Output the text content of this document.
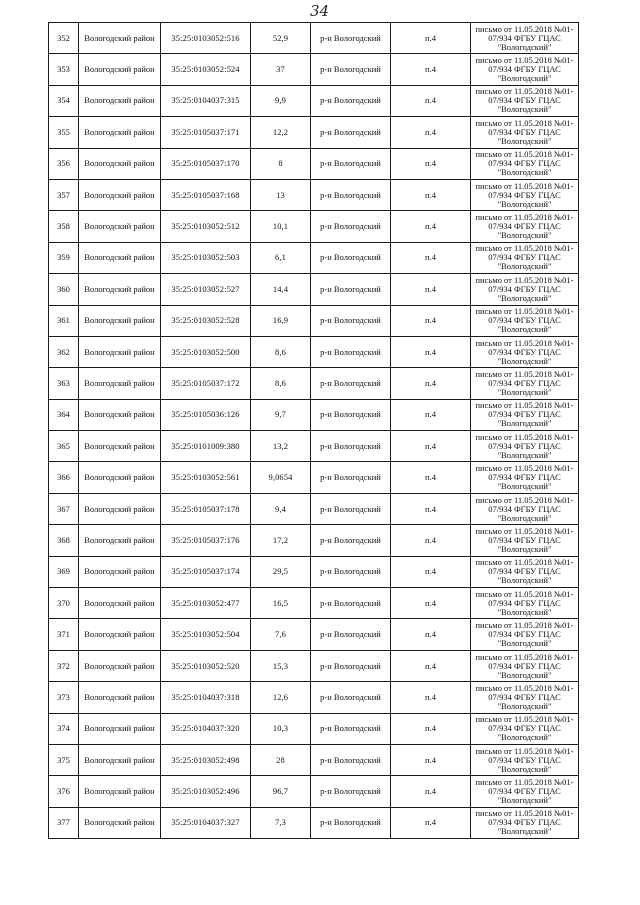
34
352	Вологодский район	35:25:0103052:516	52,9	р-н Вологодский	п.4	письмо от 11.05.2018 №01-
07/934 ФГБУ ГЦАС
"Вологодский"

353	Вологодский район	35:25:0103052:524	37	р-н Вологодский	п.4	письмо от 11.05.2018 №01-
07/934 ФГБУ ГЦАС
"Вологодский"

354	Вологодский район	35:25:0104037:315	9,9	р-н Вологодский	п.4	письмо от 11.05.2018 №01-
07/934 ФГБУ ГЦАС
"Вологодский"

355	Вологодский район	35:25:0105037:171	12,2	р-н Вологодский	п.4	письмо от 11.05.2018 №01-
07/934 ФГБУ ГЦАС
"Вологодский"

356	Вологодский район	35:25:0105037:170	8	р-н Вологодский	п.4	письмо от 11.05.2018 №01-
07/934 ФГБУ ГЦАС
"Вологодский"

357	Вологодский район	35:25:0105037:168	13	р-н Вологодский	п.4	письмо от 11.05.2018 №01-
07/934 ФГБУ ГЦАС
"Вологодский"

358	Вологодский район	35:25:0103052:512	10,1	р-н Вологодский	п.4	письмо от 11.05.2018 №01-
07/934 ФГБУ ГЦАС
"Вологодский"

359	Вологодский район	35:25:0103052:503	6,1	р-н Вологодский	п.4	письмо от 11.05.2018 №01-
07/934 ФГБУ ГЦАС
"Вологодский"

360	Вологодский район	35:25:0103052:527	14,4	р-н Вологодский	п.4	письмо от 11.05.2018 №01-
07/934 ФГБУ ГЦАС
"Вологодский"

361	Вологодский район	35:25:0103052:528	16,9	р-н Вологодский	п.4	письмо от 11.05.2018 №01-
07/934 ФГБУ ГЦАС
"Вологодский"

362	Вологодский район	35:25:0103052:500	8,6	р-н Вологодский	п.4	письмо от 11.05.2018 №01-
07/934 ФГБУ ГЦАС
"Вологодский"

363	Вологодский район	35:25:0105037:172	8,6	р-н Вологодский	п.4	письмо от 11.05.2018 №01-
07/934 ФГБУ ГЦАС
"Вологодский"

364	Вологодский район	35:25:0105036:126	9,7	р-н Вологодский	п.4	письмо от 11.05.2018 №01-
07/934 ФГБУ ГЦАС
"Вологодский"

365	Вологодский район	35:25:0101009:380	13,2	р-н Вологодский	п.4	письмо от 11.05.2018 №01-
07/934 ФГБУ ГЦАС
"Вологодский"

366	Вологодский район	35:25:0103052:561	9,0654	р-н Вологодский	п.4	письмо от 11.05.2018 №01-
07/934 ФГБУ ГЦАС
"Вологодский"

367	Вологодский район	35:25:0105037:178	9,4	р-н Вологодский	п.4	письмо от 11.05.2018 №01-
07/934 ФГБУ ГЦАС
"Вологодский"

368	Вологодский район	35:25:0105037:176	17,2	р-н Вологодский	п.4	письмо от 11.05.2018 №01-
07/934 ФГБУ ГЦАС
"Вологодский"

369	Вологодский район	35:25:0105037:174	29,5	р-н Вологодский	п.4	письмо от 11.05.2018 №01-
07/934 ФГБУ ГЦАС
"Вологодский"

370	Вологодский район	35:25:0103052:477	16,5	р-н Вологодский	п.4	письмо от 11.05.2018 №01-
07/934 ФГБУ ГЦАС
"Вологодский"

371	Вологодский район	35:25:0103052:504	7,6	р-н Вологодский	п.4	письмо от 11.05.2018 №01-
07/934 ФГБУ ГЦАС
"Вологодский"

372	Вологодский район	35:25:0103052:520	15,3	р-н Вологодский	п.4	письмо от 11.05.2018 №01-
07/934 ФГБУ ГЦАС
"Вологодский"

373	Вологодский район	35:25:0104037:318	12,6	р-н Вологодский	п.4	письмо от 11.05.2018 №01-
07/934 ФГБУ ГЦАС
"Вологодский"

374	Вологодский район	35:25:0104037:320	10,3	р-н Вологодский	п.4	письмо от 11.05.2018 №01-
07/934 ФГБУ ГЦАС
"Вологодский"

375	Вологодский район	35:25:0103052:498	28	р-н Вологодский	п.4	письмо от 11.05.2018 №01-
07/934 ФГБУ ГЦАС
"Вологодский"

376	Вологодский район	35:25:0103052:496	96,7	р-н Вологодский	п.4	письмо от 11.05.2018 №01-
07/934 ФГБУ ГЦАС
"Вологодский"

377	Вологодский район	35:25:0104037:327	7,3	р-н Вологодский	п.4	письмо от 11.05.2018 №01-
07/934 ФГБУ ГЦАС
"Вологодский"
